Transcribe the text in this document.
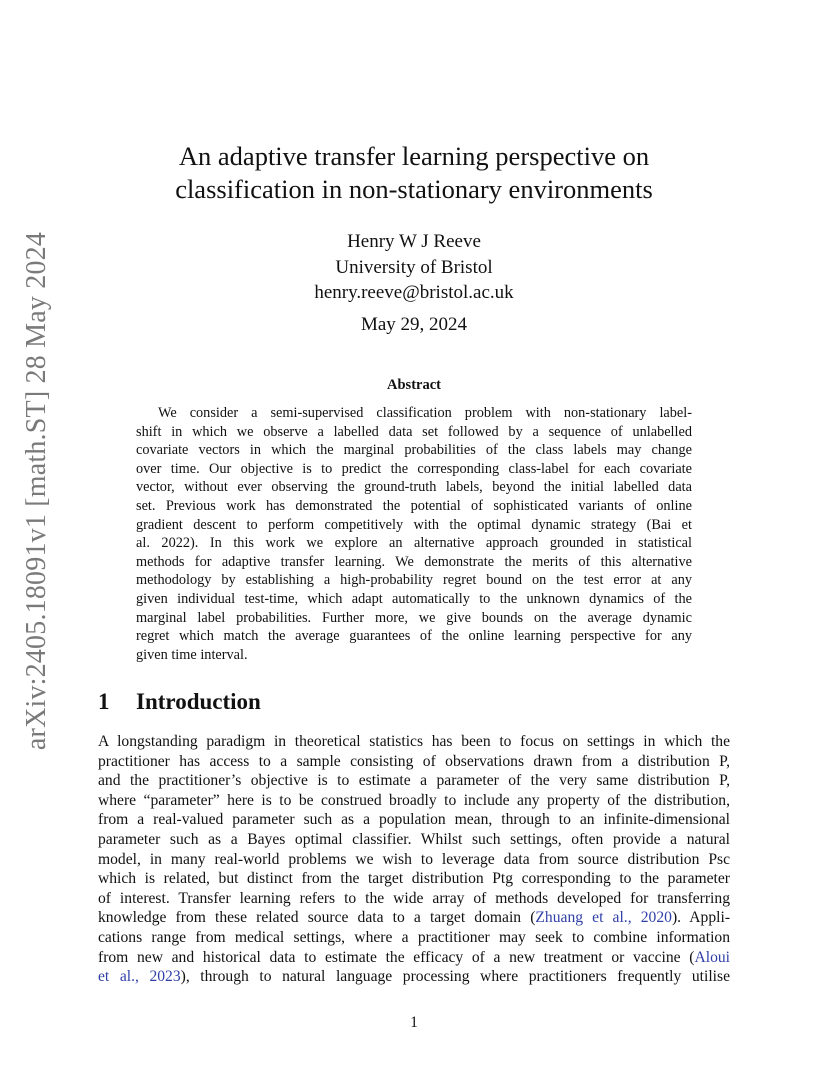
arXiv:2405.18091v1 [math.ST] 28 May 2024
An adaptive transfer learning perspective on
classification in non-stationary environments
Henry W J Reeve
University of Bristol
henry.reeve@bristol.ac.uk
May 29, 2024
Abstract
We consider a semi-supervised classification problem with non-stationary label-
shift in which we observe a labelled data set followed by a sequence of unlabelled
covariate vectors in which the marginal probabilities of the class labels may change
over time. Our objective is to predict the corresponding class-label for each covariate
vector, without ever observing the ground-truth labels, beyond the initial labelled data
set. Previous work has demonstrated the potential of sophisticated variants of online
gradient descent to perform competitively with the optimal dynamic strategy (Bai et
al. 2022). In this work we explore an alternative approach grounded in statistical
methods for adaptive transfer learning. We demonstrate the merits of this alternative
methodology by establishing a high-probability regret bound on the test error at any
given individual test-time, which adapt automatically to the unknown dynamics of the
marginal label probabilities. Further more, we give bounds on the average dynamic
regret which match the average guarantees of the online learning perspective for any
given time interval.
1 Introduction
A longstanding paradigm in theoretical statistics has been to focus on settings in which the
practitioner has access to a sample consisting of observations drawn from a distribution P,
and the practitioner’s objective is to estimate a parameter of the very same distribution P,
where “parameter” here is to be construed broadly to include any property of the distribution,
from a real-valued parameter such as a population mean, through to an infinite-dimensional
parameter such as a Bayes optimal classifier. Whilst such settings, often provide a natural
model, in many real-world problems we wish to leverage data from source distribution Psc
which is related, but distinct from the target distribution Ptg corresponding to the parameter
of interest. Transfer learning refers to the wide array of methods developed for transferring
knowledge from these related source data to a target domain (Zhuang et al., 2020). Appli-
cations range from medical settings, where a practitioner may seek to combine information
from new and historical data to estimate the efficacy of a new treatment or vaccine (Aloui
et al., 2023), through to natural language processing where practitioners frequently utilise
1
